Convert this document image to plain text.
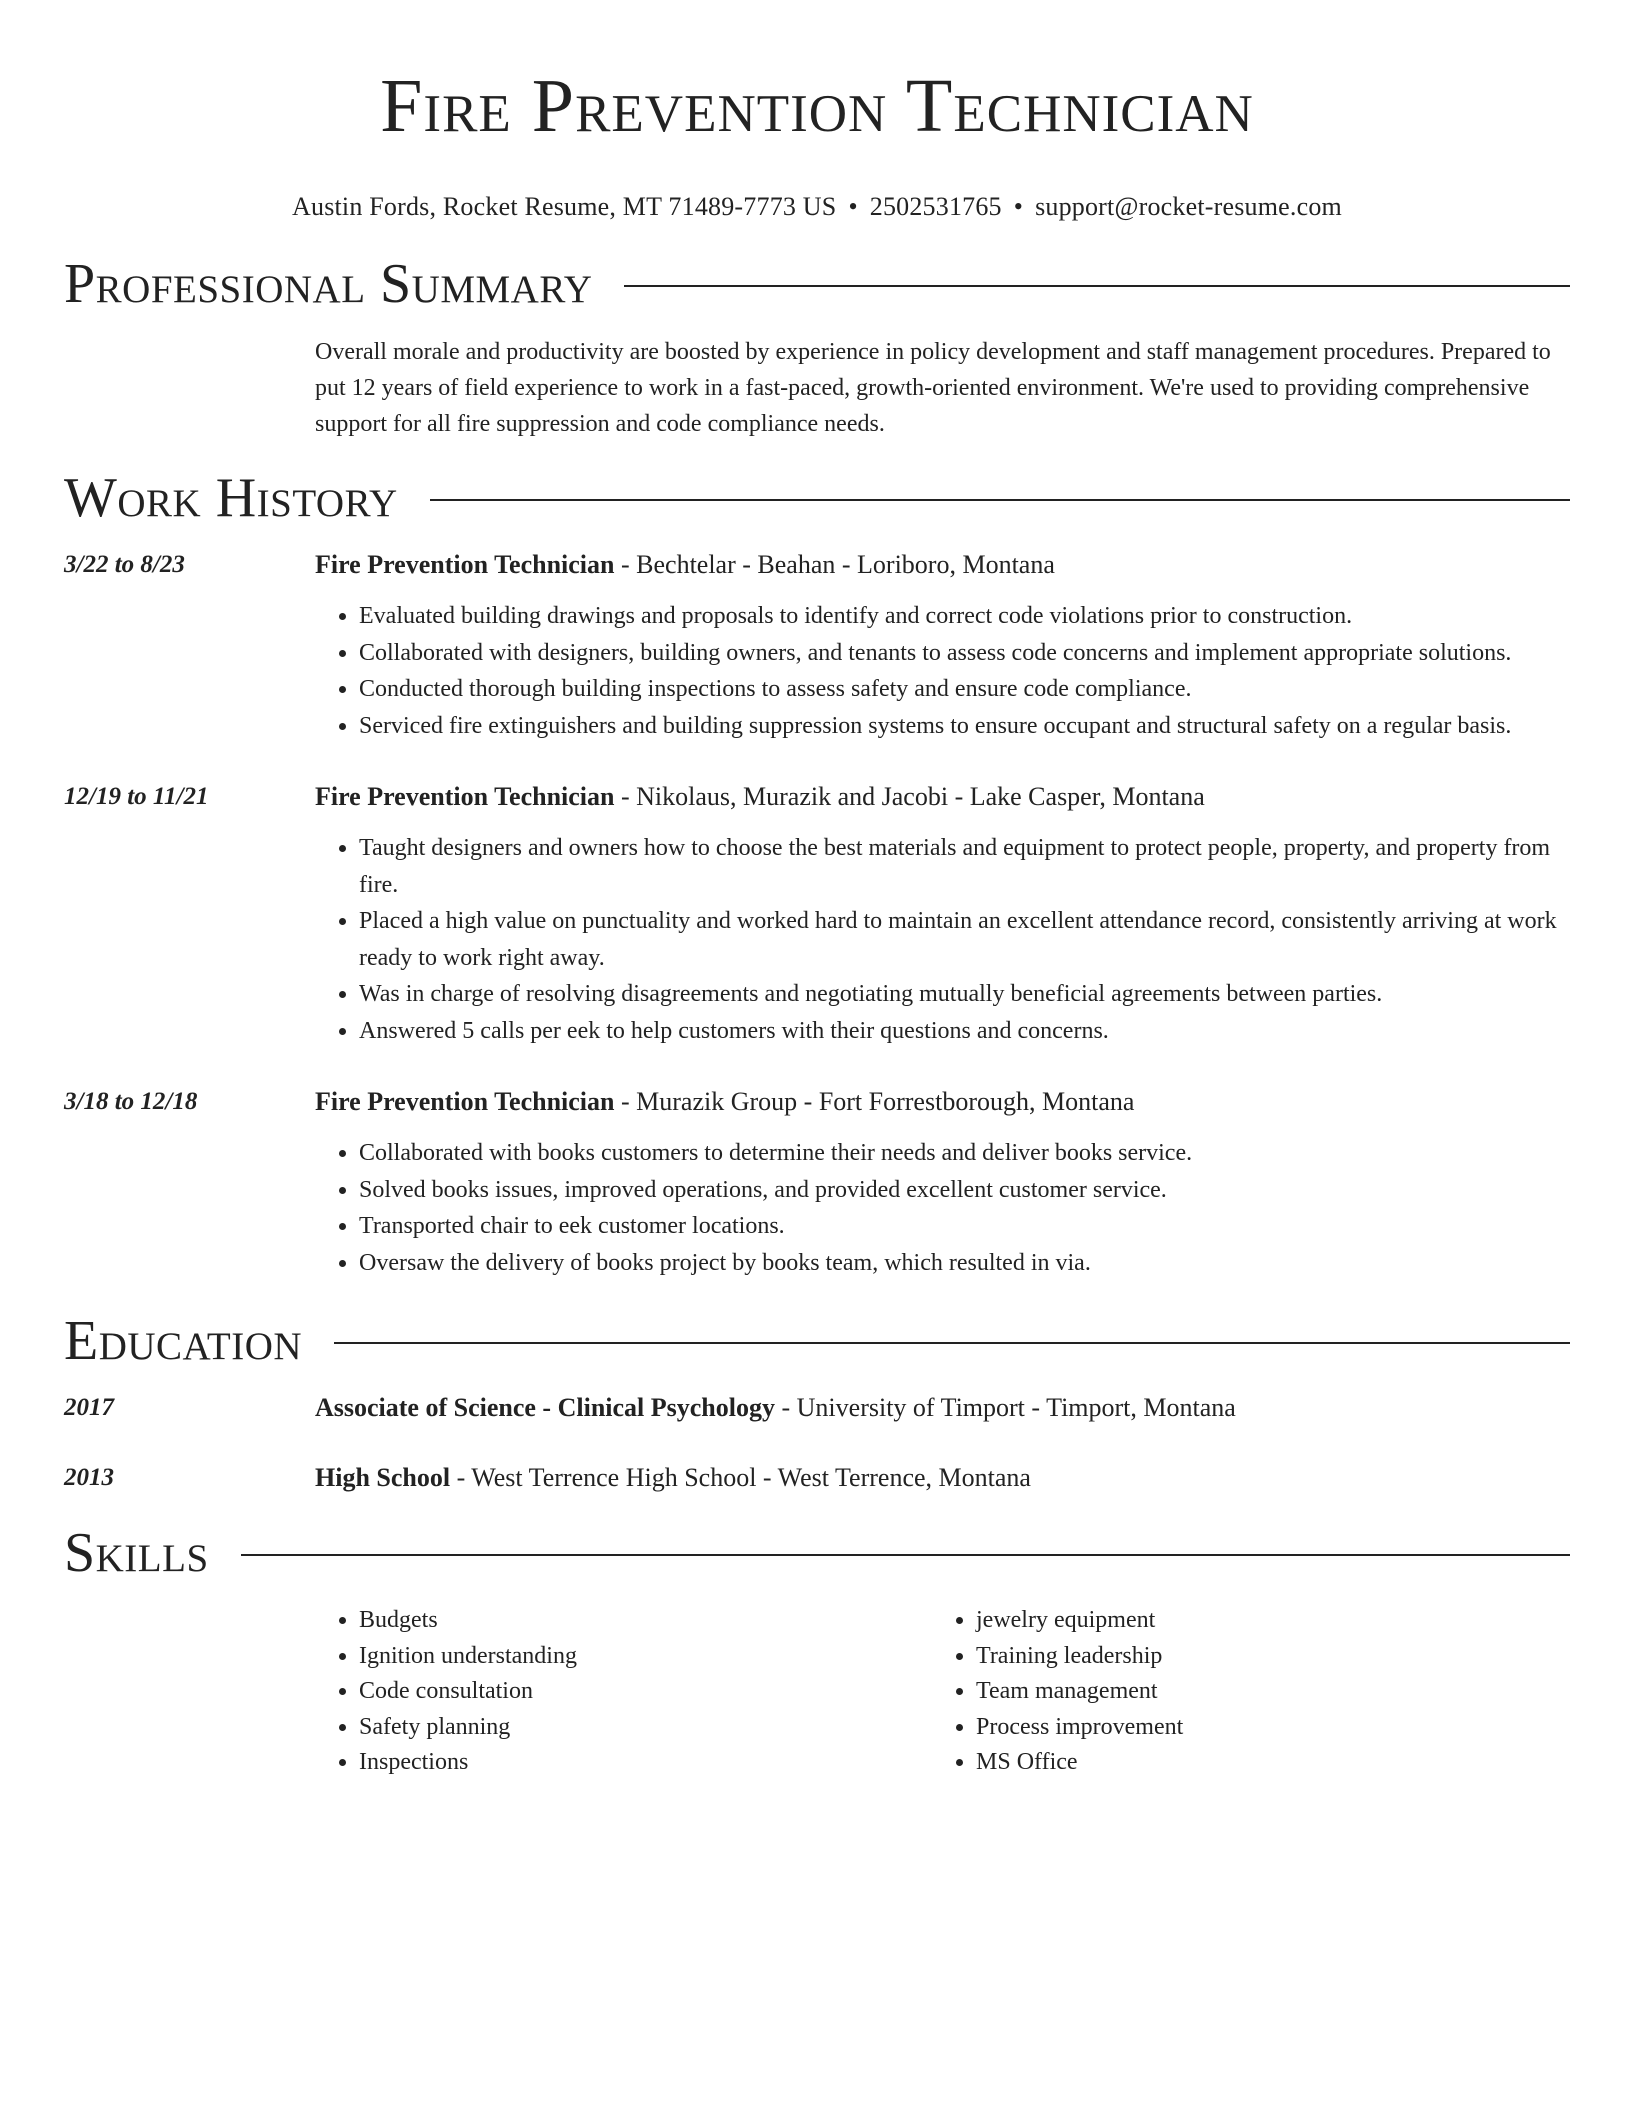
Fire Prevention Technician
Austin Fords, Rocket Resume, MT 71489-7773 US • 2502531765 • support@rocket-resume.com
Professional Summary

Overall morale and productivity are boosted by experience in policy development and staff management procedures. Prepared to put 12 years of field experience to work in a fast-paced, growth-oriented environment. We're used to providing comprehensive support for all fire suppression and code compliance needs.

Work History
3/22 to 8/23	Fire Prevention Technician - Bechtelar - Beahan - Loriboro, Montana
• Evaluated building drawings and proposals to identify and correct code violations prior to construction.
• Collaborated with designers, building owners, and tenants to assess code concerns and implement appropriate solutions.
• Conducted thorough building inspections to assess safety and ensure code compliance.
• Serviced fire extinguishers and building suppression systems to ensure occupant and structural safety on a regular basis.
12/19 to 11/21	Fire Prevention Technician - Nikolaus, Murazik and Jacobi - Lake Casper, Montana
• Taught designers and owners how to choose the best materials and equipment to protect people, property, and property from fire.
• Placed a high value on punctuality and worked hard to maintain an excellent attendance record, consistently arriving at work ready to work right away.
• Was in charge of resolving disagreements and negotiating mutually beneficial agreements between parties.
• Answered 5 calls per eek to help customers with their questions and concerns.
3/18 to 12/18	Fire Prevention Technician - Murazik Group - Fort Forrestborough, Montana
• Collaborated with books customers to determine their needs and deliver books service.
• Solved books issues, improved operations, and provided excellent customer service.
• Transported chair to eek customer locations.
• Oversaw the delivery of books project by books team, which resulted in via.
Education
2017	Associate of Science - Clinical Psychology - University of Timport - Timport, Montana
2013	High School - West Terrence High School - West Terrence, Montana
Skills
• Budgets
• Ignition understanding
• Code consultation
• Safety planning
• Inspections
• jewelry equipment
• Training leadership
• Team management
• Process improvement
• MS Office
